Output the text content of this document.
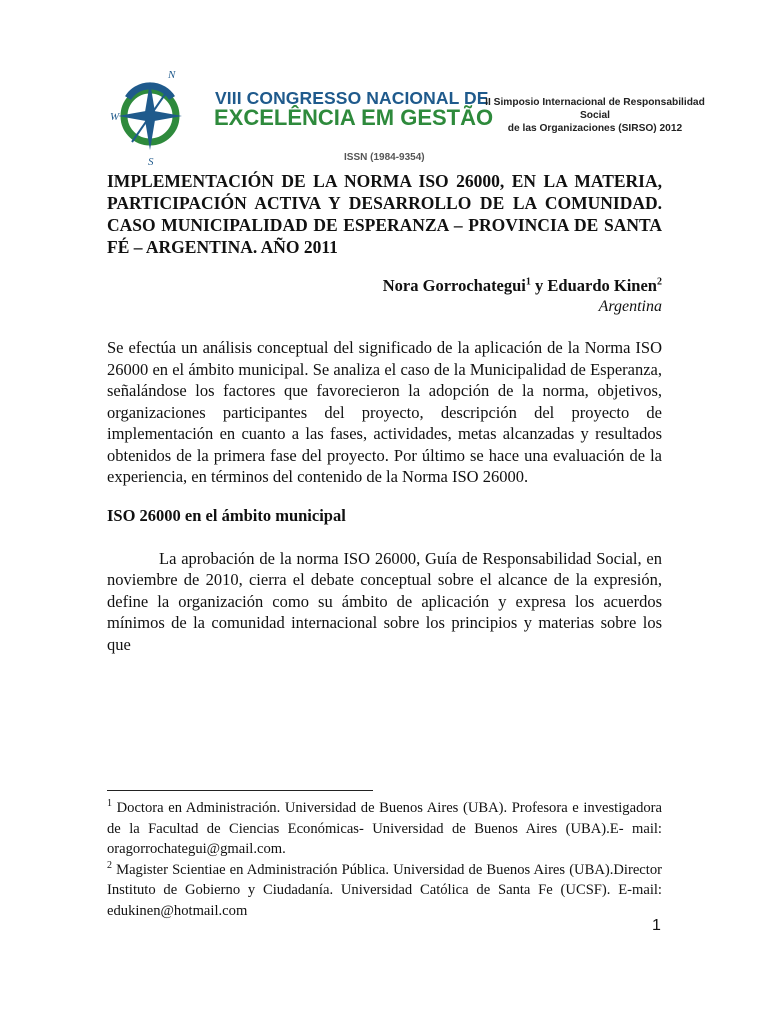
N
W
S
VIII CONGRESSO NACIONAL DE
EXCELÊNCIA EM GESTÃO
II Simposio Internacional de Responsabilidad Social
de las Organizaciones (SIRSO) 2012
ISSN (1984-9354)
IMPLEMENTACIÓN DE LA NORMA ISO 26000, EN LA MATERIA, PARTICIPACIÓN ACTIVA Y DESARROLLO DE LA COMUNIDAD. CASO MUNICIPALIDAD DE ESPERANZA – PROVINCIA DE SANTA FÉ – ARGENTINA. AÑO 2011
Nora Gorrochategui$^1$ y Eduardo Kinen$^2$
Argentina

Se efectúa un análisis conceptual del significado de la aplicación de la Norma ISO 26000 en el ámbito municipal. Se analiza el caso de la Municipalidad de Esperanza, señalándose los factores que favorecieron la adopción de la norma, objetivos, organizaciones participantes del proyecto, descripción del proyecto de implementación en cuanto a las fases, actividades, metas alcanzadas y resultados obtenidos de la primera fase del proyecto. Por último se hace una evaluación de la experiencia, en términos del contenido de la Norma ISO 26000.

ISO 26000 en el ámbito municipal

La aprobación de la norma ISO 26000, Guía de Responsabilidad Social, en noviembre de 2010, cierra el debate conceptual sobre el alcance de la expresión, define la organización como su ámbito de aplicación y expresa los acuerdos mínimos de la comunidad internacional sobre los principios y materias sobre los que

$^1$ Doctora en Administración. Universidad de Buenos Aires (UBA). Profesora e investigadora de la Facultad de Ciencias Económicas- Universidad de Buenos Aires (UBA).E- mail: oragorrochategui@gmail.com.
$^2$ Magister Scientiae en Administración Pública. Universidad de Buenos Aires (UBA).Director Instituto de Gobierno y Ciudadanía. Universidad Católica de Santa Fe (UCSF). E-mail: edukinen@hotmail.com
1
